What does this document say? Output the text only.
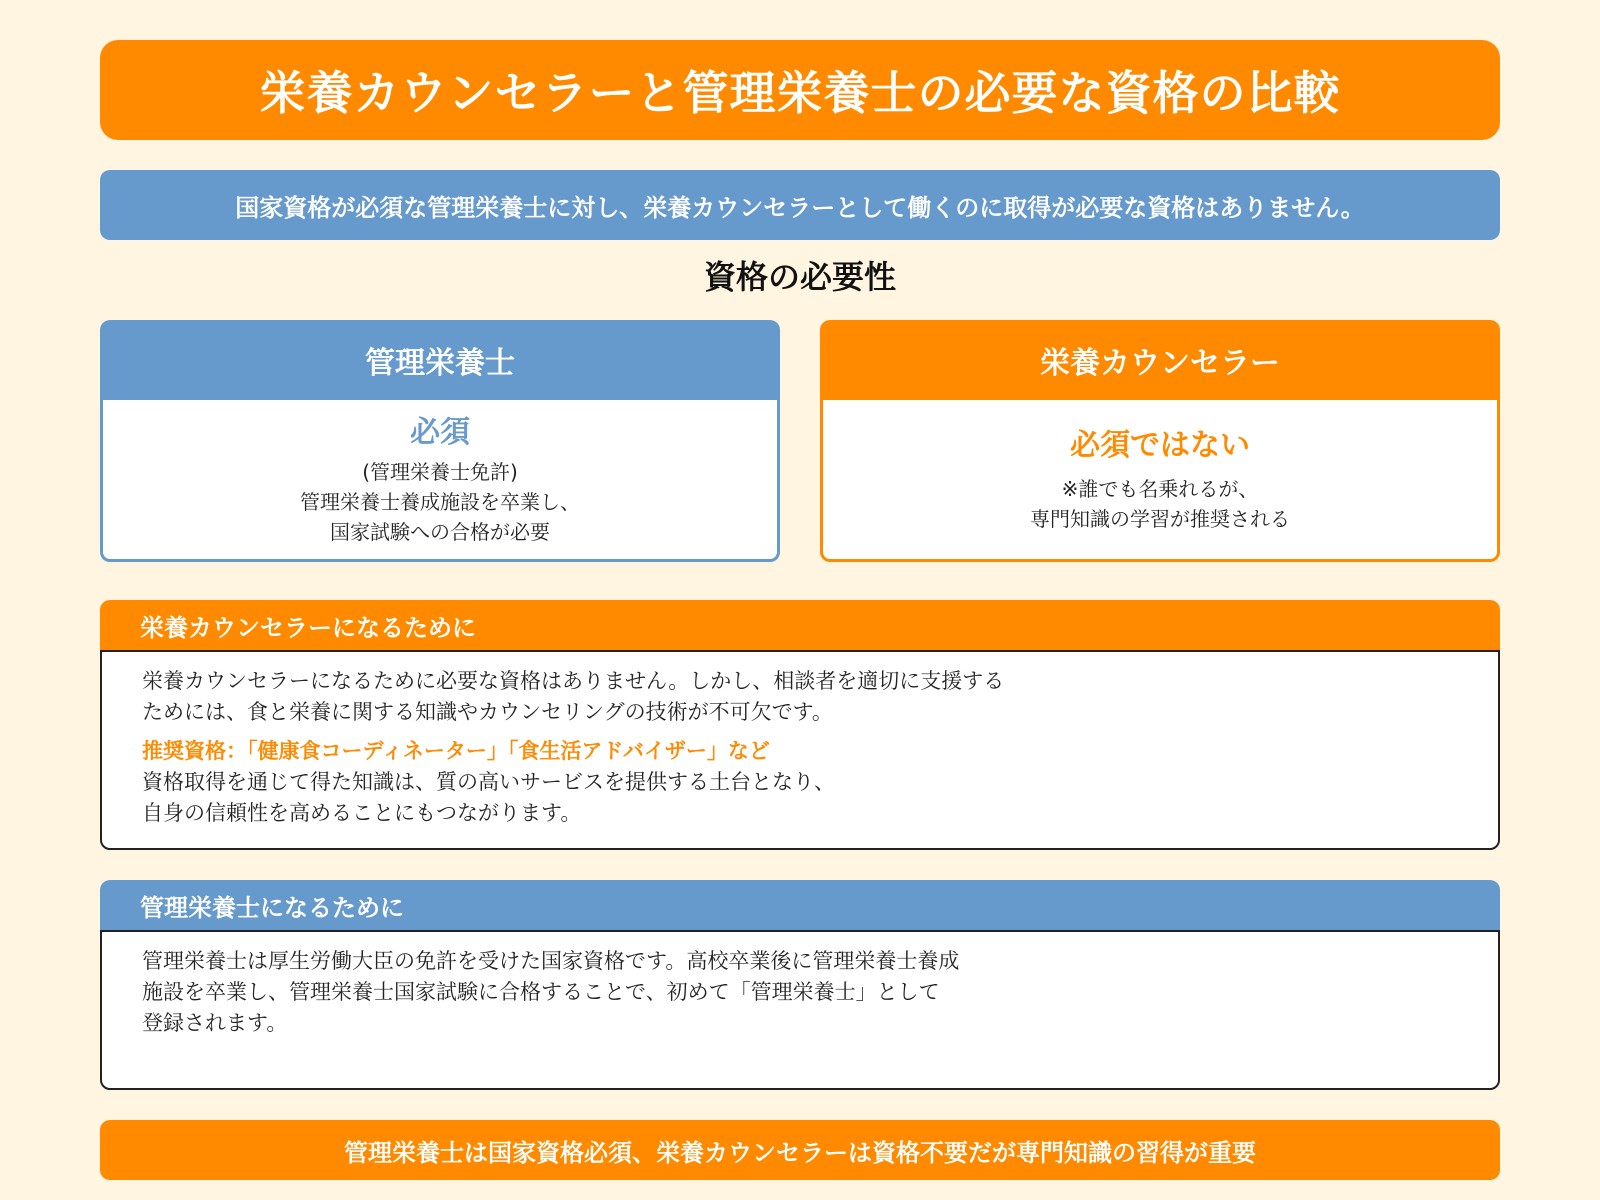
栄養カウンセラーと管理栄養士の必要な資格の比較
国家資格が必須な管理栄養士に対し、栄養カウンセラーとして働くのに取得が必要な資格はありません。
資格の必要性
管理栄養士
必須
(管理栄養士免許)
管理栄養士養成施設を卒業し、
国家試験への合格が必要
栄養カウンセラー
必須ではない
※誰でも名乗れるが、
専門知識の学習が推奨される
栄養カウンセラーになるために
栄養カウンセラーになるために必要な資格はありません。しかし、相談者を適切に支援する
ためには、食と栄養に関する知識やカウンセリングの技術が不可欠です。
推奨資格：「健康食コーディネーター」「食生活アドバイザー」など
資格取得を通じて得た知識は、質の高いサービスを提供する土台となり、
自身の信頼性を高めることにもつながります。
管理栄養士になるために
管理栄養士は厚生労働大臣の免許を受けた国家資格です。高校卒業後に管理栄養士養成
施設を卒業し、管理栄養士国家試験に合格することで、初めて「管理栄養士」として
登録されます。
管理栄養士は国家資格必須、栄養カウンセラーは資格不要だが専門知識の習得が重要
